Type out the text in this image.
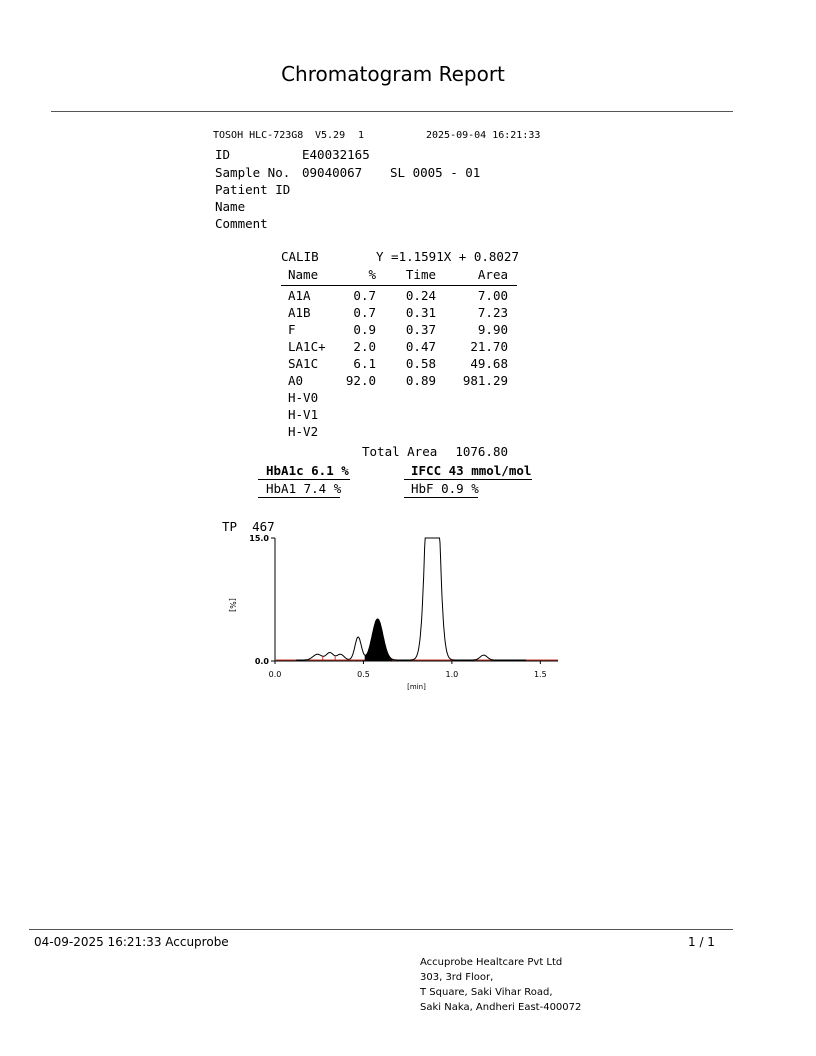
Chromatogram Report
TOSOH HLC-723G8 V5.29 1	2025-09-04 16:21:33
ID	E40032165
Sample No. 09040067 SL 0005 - 01
Patient ID
Name
Comment
CALIB	Y =1.1591X + 0.8027
Name	%	Time	Area
A1A	0.7	0.24	7.00
A1B	0.7	0.31	7.23
F	0.9	0.37	9.90
LA1C+	2.0	0.47	21.70
SA1C	6.1	0.58	49.68
A0	92.0	0.89	981.29
H-V0
H-V1
H-V2
Total Area	1076.80
HbA1c 6.1 %	IFCC 43 mmol/mol
HbA1 7.4 %	HbF 0.9 %
TP  467
15.0
0.0
0.0	0.5	1.0	1.5
[%]
[min]
04-09-2025 16:21:33 Accuprobe	1 / 1
Accuprobe Healtcare Pvt Ltd
303, 3rd Floor,
T Square, Saki Vihar Road,
Saki Naka, Andheri East-400072
